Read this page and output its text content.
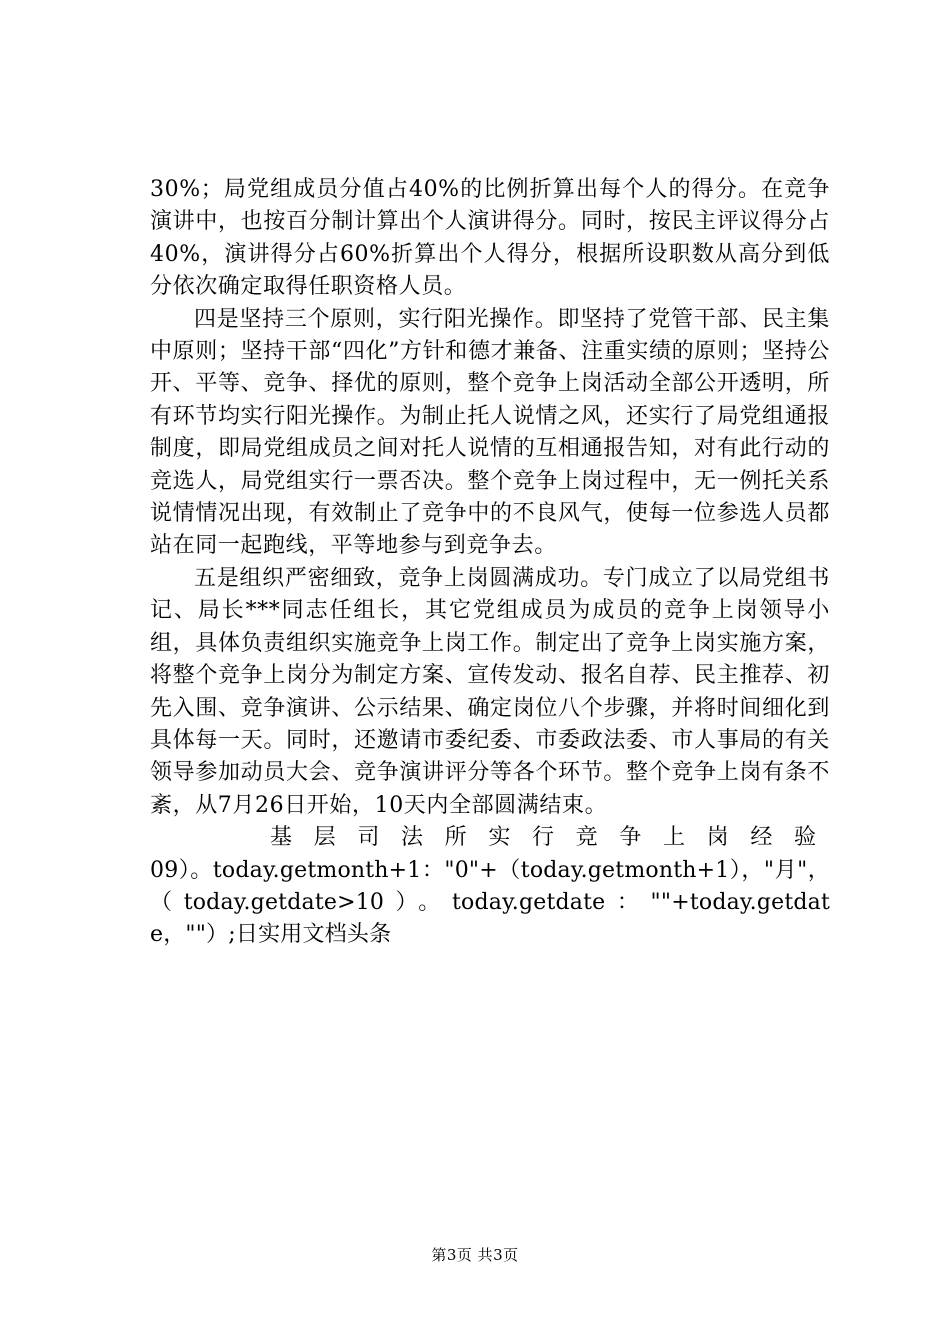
30%；局党组成员分值占40%的比例折算出每个人的得分。在竞争演讲中，也按百分制计算出个人演讲得分。同时，按民主评议得分占40%，演讲得分占60%折算出个人得分，根据所设职数从高分到低分依次确定取得任职资格人员。

四是坚持三个原则，实行阳光操作。即坚持了党管干部、民主集中原则；坚持干部“四化”方针和德才兼备、注重实绩的原则；坚持公开、平等、竞争、择优的原则，整个竞争上岗活动全部公开透明，所有环节均实行阳光操作。为制止托人说情之风，还实行了局党组通报制度，即局党组成员之间对托人说情的互相通报告知，对有此行动的竞选人，局党组实行一票否决。整个竞争上岗过程中，无一例托关系说情情况出现，有效制止了竞争中的不良风气，使每一位参选人员都站在同一起跑线，平等地参与到竞争去。

五是组织严密细致，竞争上岗圆满成功。专门成立了以局党组书记、局长***同志任组长，其它党组成员为成员的竞争上岗领导小组，具体负责组织实施竞争上岗工作。制定出了竞争上岗实施方案，将整个竞争上岗分为制定方案、宣传发动、报名自荐、民主推荐、初先入围、竞争演讲、公示结果、确定岗位八个步骤，并将时间细化到具体每一天。同时，还邀请市委纪委、市委政法委、市人事局的有关领导参加动员大会、竞争演讲评分等各个环节。整个竞争上岗有条不紊，从7月26日开始，10天内全部圆满结束。

基层司法所实行竞争上岗经验

09）。today.getmonth+1："0"+（today.getmonth+1），"月"，（today.getdate>10）。today.getdate：""+today.getdate，""）;日实用文档头条

第3页 共3页
